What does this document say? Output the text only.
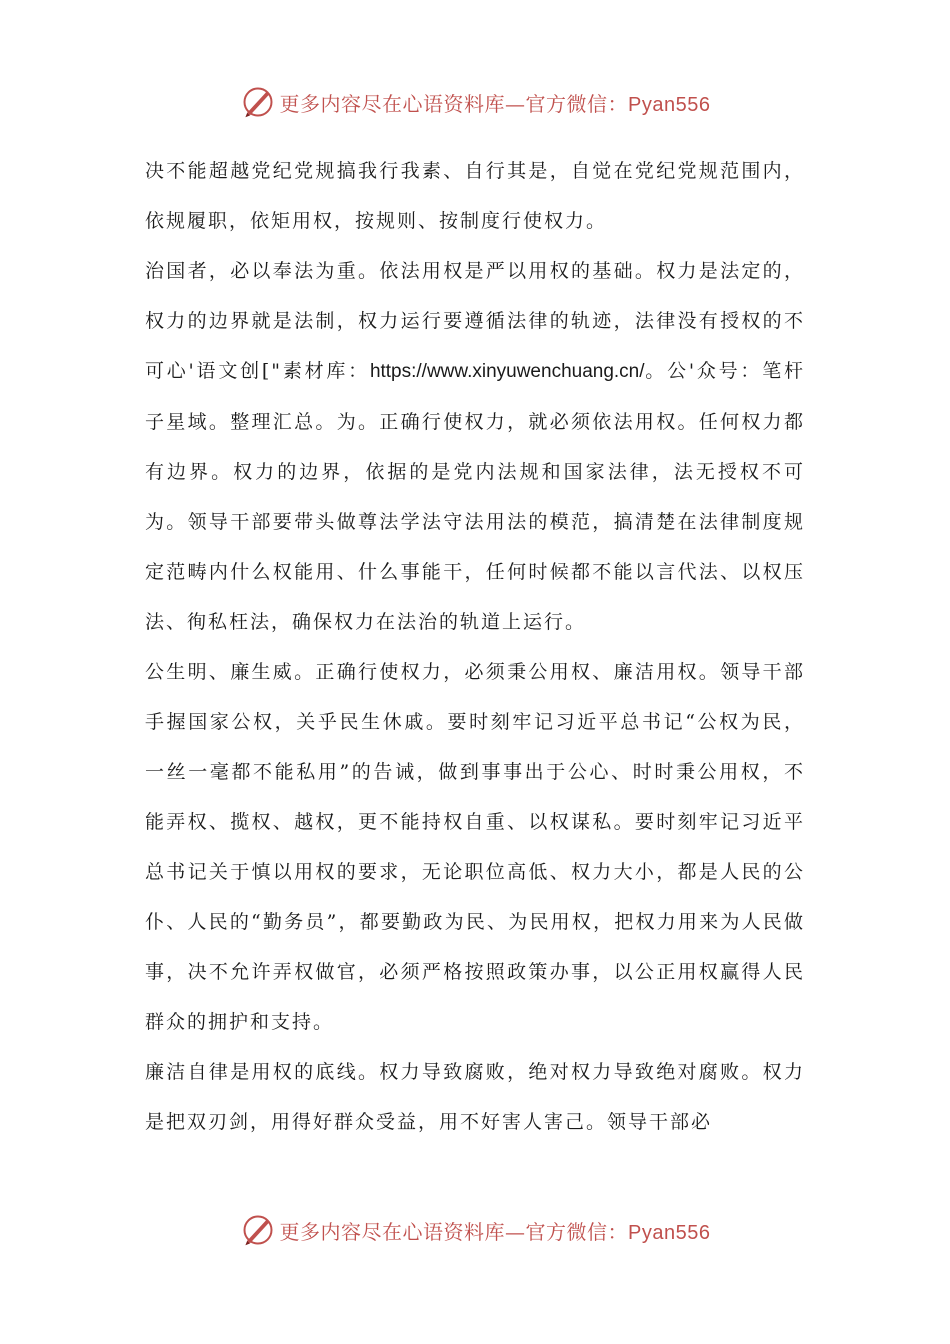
更多内容尽在心语资料库—官方微信：Pyan556

决不能超越党纪党规搞我行我素、自行其是，自觉在党纪党规范围内，依规履职，依矩用权，按规则、按制度行使权力。

治国者，必以奉法为重。依法用权是严以用权的基础。权力是法定的，权力的边界就是法制，权力运行要遵循法律的轨迹，法律没有授权的不可心'语文创["素材库：https://www.xinyuwenchuang.cn/。公'众号：笔杆子星域。整理汇总。为。正确行使权力，就必须依法用权。任何权力都有边界。权力的边界，依据的是党内法规和国家法律，法无授权不可为。领导干部要带头做尊法学法守法用法的模范，搞清楚在法律制度规定范畴内什么权能用、什么事能干，任何时候都不能以言代法、以权压法、徇私枉法，确保权力在法治的轨道上运行。

公生明、廉生威。正确行使权力，必须秉公用权、廉洁用权。领导干部手握国家公权，关乎民生休戚。要时刻牢记习近平总书记“公权为民，一丝一毫都不能私用”的告诫，做到事事出于公心、时时秉公用权，不能弄权、揽权、越权，更不能持权自重、以权谋私。要时刻牢记习近平总书记关于慎以用权的要求，无论职位高低、权力大小，都是人民的公仆、人民的“勤务员”，都要勤政为民、为民用权，把权力用来为人民做事，决不允许弄权做官，必须严格按照政策办事，以公正用权赢得人民群众的拥护和支持。

廉洁自律是用权的底线。权力导致腐败，绝对权力导致绝对腐败。权力是把双刃剑，用得好群众受益，用不好害人害己。领导干部必

更多内容尽在心语资料库—官方微信：Pyan556
